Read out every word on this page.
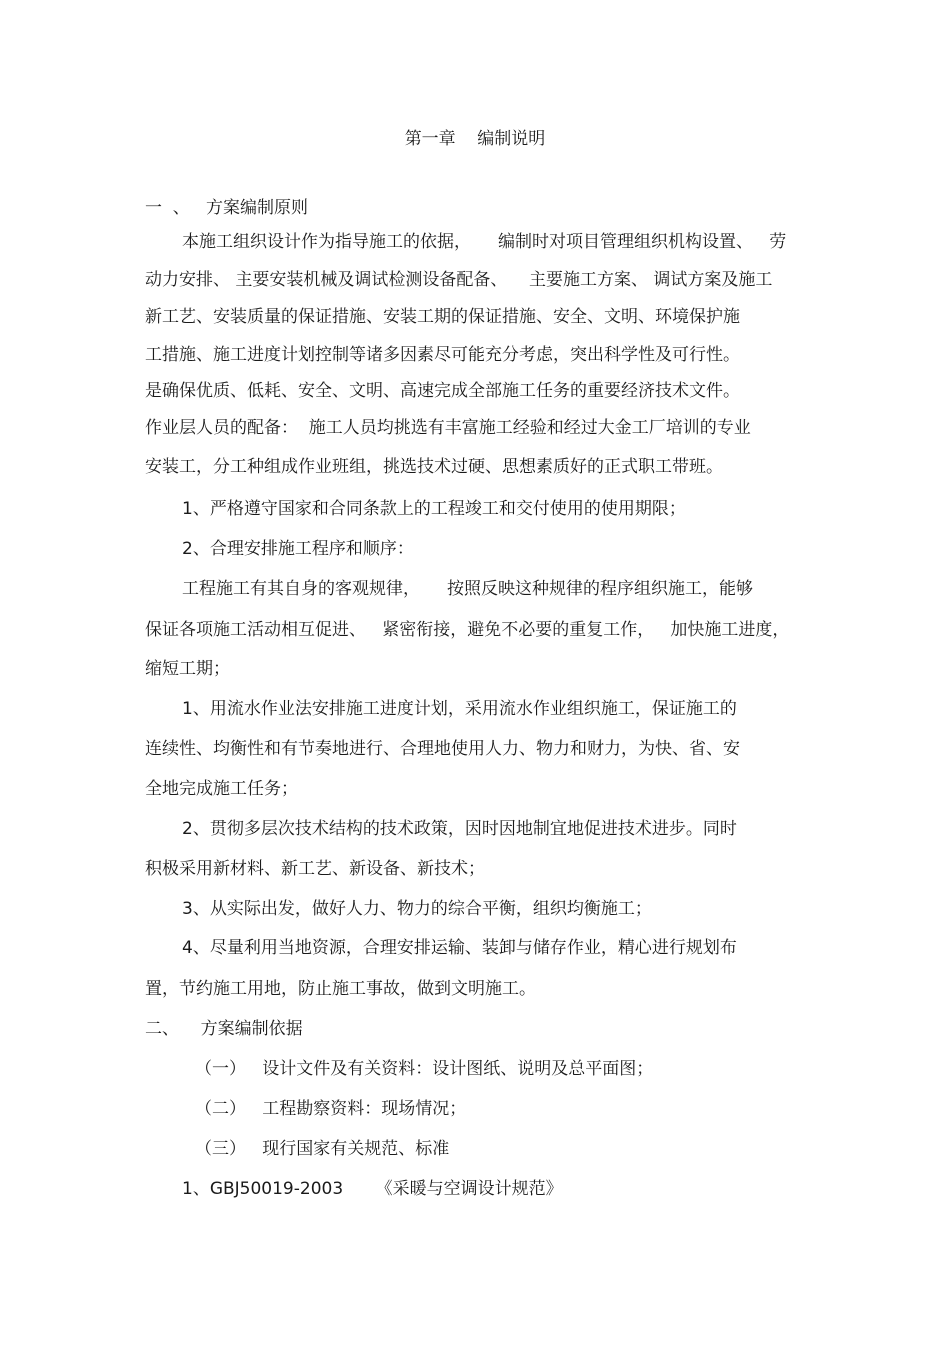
第一章    编制说明

一  、   方案编制原则

本施工组织设计作为指导施工的依据，     编制时对项目管理组织机构设置、   劳

动力安排、 主要安装机械及调试检测设备配备、    主要施工方案、 调试方案及施工

新工艺、安装质量的保证措施、安装工期的保证措施、安全、文明、环境保护施

工措施、施工进度计划控制等诸多因素尽可能充分考虑，突出科学性及可行性。

是确保优质、低耗、安全、文明、高速完成全部施工任务的重要经济技术文件。

作业层人员的配备：  施工人员均挑选有丰富施工经验和经过大金工厂培训的专业

安装工，分工种组成作业班组，挑选技术过硬、思想素质好的正式职工带班。

1、严格遵守国家和合同条款上的工程竣工和交付使用的使用期限；

2、合理安排施工程序和顺序：

工程施工有其自身的客观规律，     按照反映这种规律的程序组织施工，能够

保证各项施工活动相互促进、   紧密衔接，避免不必要的重复工作，   加快施工进度，

缩短工期；

1、用流水作业法安排施工进度计划，采用流水作业组织施工，保证施工的

连续性、均衡性和有节奏地进行、合理地使用人力、物力和财力，为快、省、安

全地完成施工任务；

2、贯彻多层次技术结构的技术政策，因时因地制宜地促进技术进步。同时

积极采用新材料、新工艺、新设备、新技术；

3、从实际出发，做好人力、物力的综合平衡，组织均衡施工；

4、尽量利用当地资源，合理安排运输、装卸与储存作业，精心进行规划布

置，节约施工用地，防止施工事故，做到文明施工。

二、    方案编制依据

（一）   设计文件及有关资料：设计图纸、说明及总平面图；

（二）   工程勘察资料：现场情况；

（三）   现行国家有关规范、标准

1、GBJ50019-2003      《采暖与空调设计规范》
